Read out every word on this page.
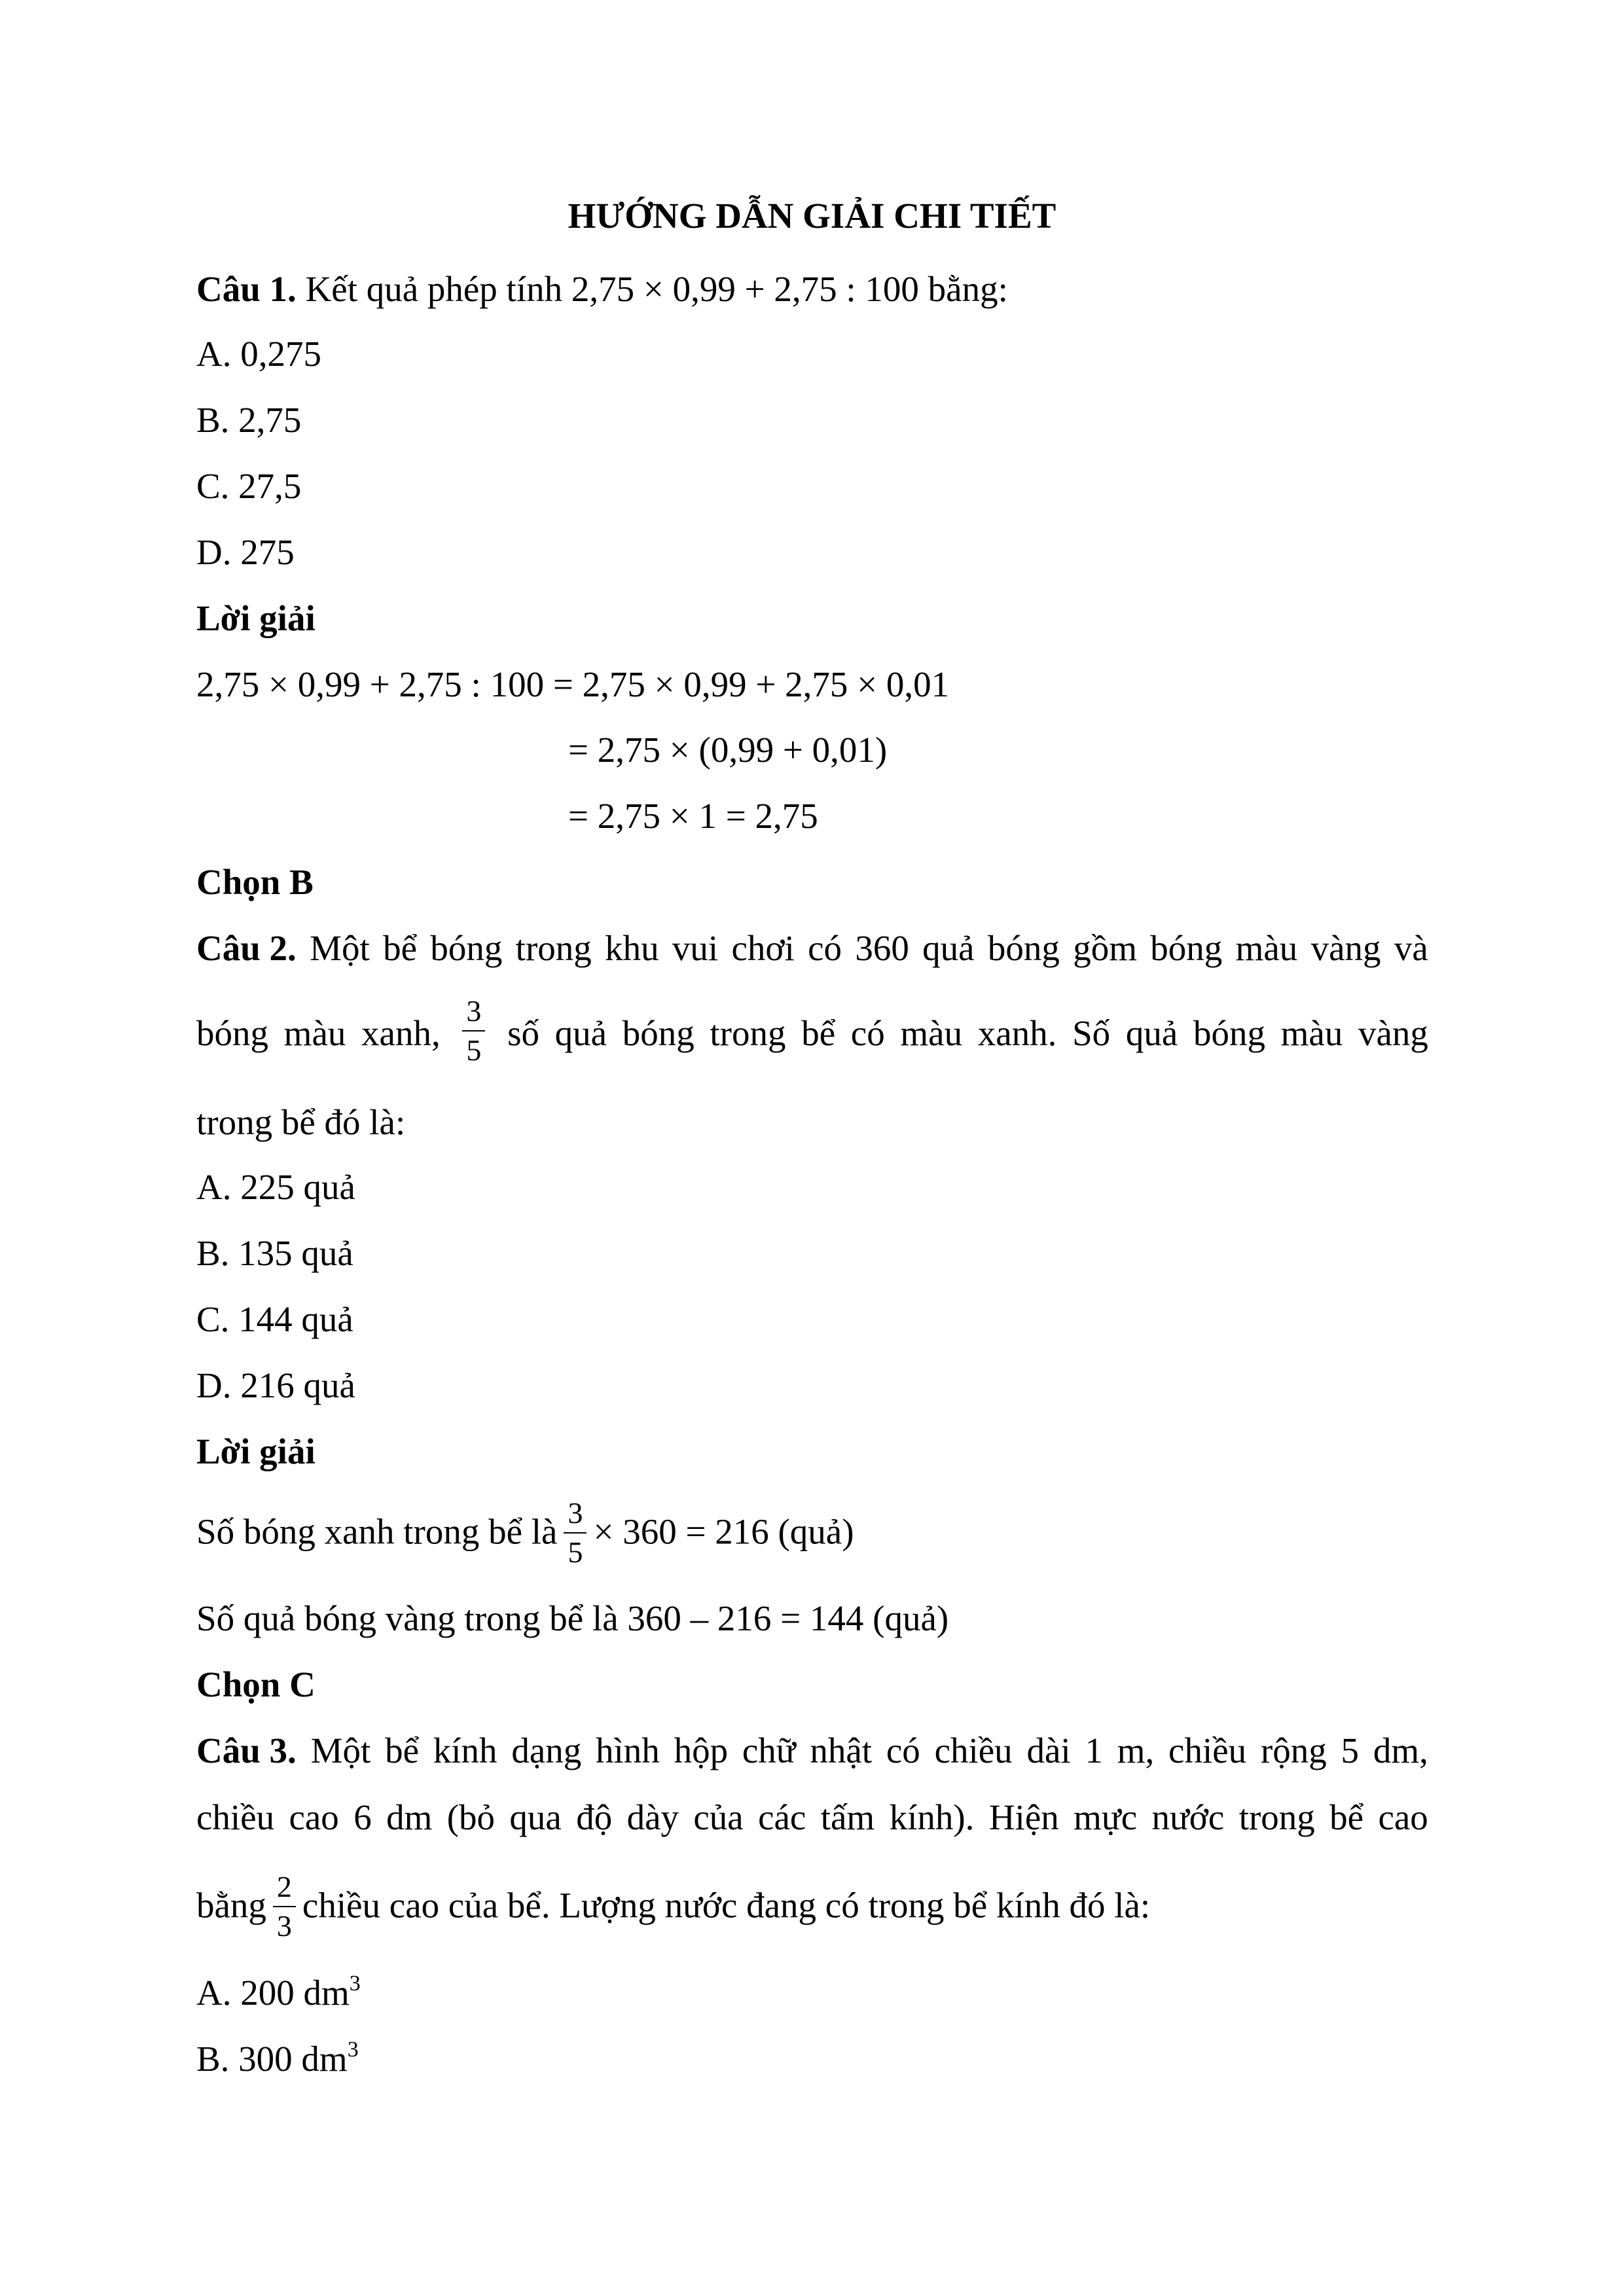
HƯỚNG DẪN GIẢI CHI TIẾT
Câu 1. Kết quả phép tính 2,75 × 0,99 + 2,75 : 100 bằng:
A. 0,275
B. 2,75
C. 27,5
D. 275
Lời giải
2,75 × 0,99 + 2,75 : 100 = 2,75 × 0,99 + 2,75 × 0,01
= 2,75 × (0,99 + 0,01)
= 2,75 × 1 = 2,75
Chọn B
Câu 2. Một bể bóng trong khu vui chơi có 360 quả bóng gồm bóng màu vàng và
bóng màu xanh, $\frac{3}{5}$ số quả bóng trong bể có màu xanh. Số quả bóng màu vàng
trong bể đó là:
A. 225 quả
B. 135 quả
C. 144 quả
D. 216 quả
Lời giải
Số bóng xanh trong bể là $\frac{3}{5} \times 360 = 216$ (quả)
Số quả bóng vàng trong bể là 360 – 216 = 144 (quả)
Chọn C
Câu 3. Một bể kính dạng hình hộp chữ nhật có chiều dài 1 m, chiều rộng 5 dm,
chiều cao 6 dm (bỏ qua độ dày của các tấm kính). Hiện mực nước trong bể cao
bằng $\frac{2}{3}$ chiều cao của bể. Lượng nước đang có trong bể kính đó là:
A. 200 $dm^3$
B. 300 $dm^3$
